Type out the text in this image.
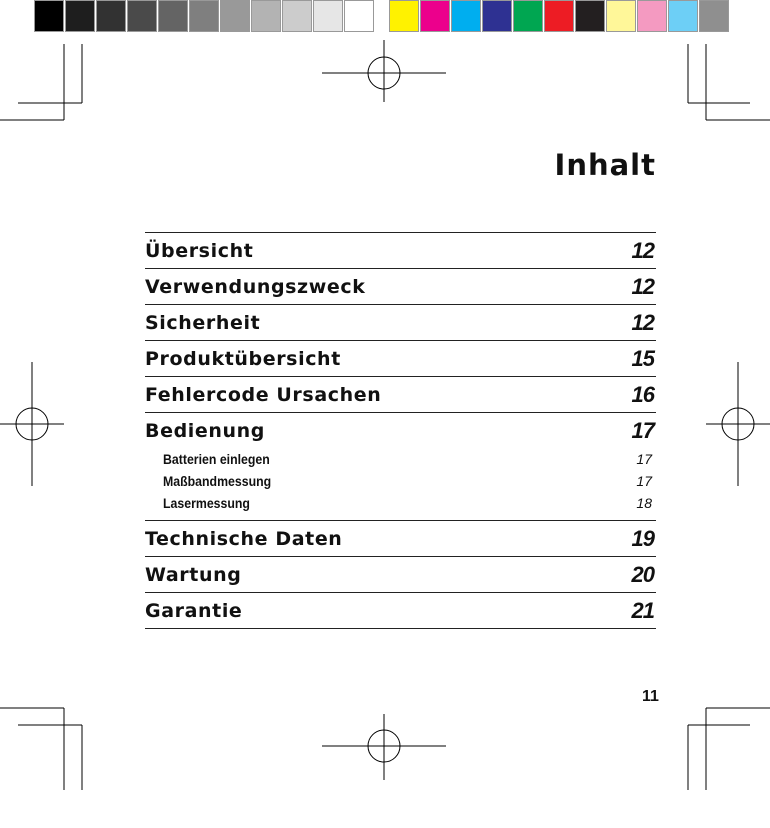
Inhalt
Übersicht	12
Verwendungszweck	12
Sicherheit	12
Produktübersicht	15
Fehlercode Ursachen	16
Bedienung	17
Batterien einlegen	17
Maßbandmessung	17
Lasermessung	18
Technische Daten	19
Wartung	20
Garantie	21
11
